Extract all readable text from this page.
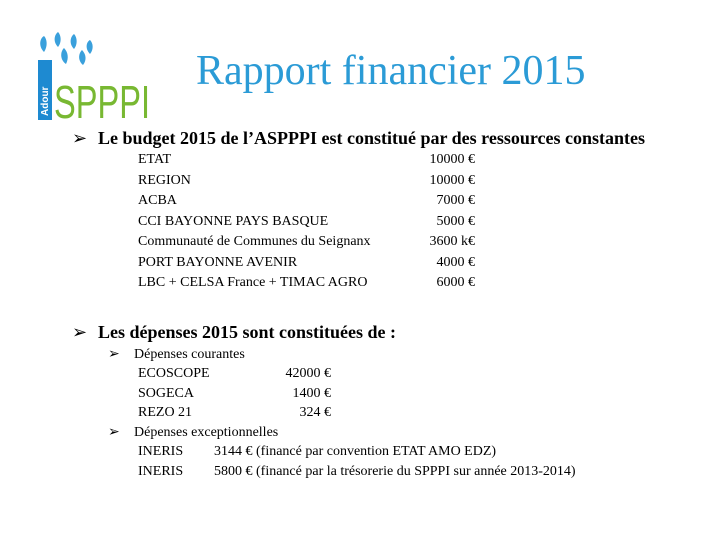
Adour SPPPI
Rapport financier 2015
➢ Le budget 2015 de l’ASPPPI est constitué par des ressources constantes
ETAT	10000 €
REGION	10000 €
ACBA	7000 €
CCI BAYONNE PAYS BASQUE	5000 €
Communauté de Communes du Seignanx	3600 k€
PORT BAYONNE AVENIR	4000 €
LBC + CELSA France + TIMAC AGRO	6000 €
➢ Les dépenses 2015 sont constituées de :
➢ Dépenses courantes
ECOSCOPE	42000 €
SOGECA	1400 €
REZO 21	324 €
➢ Dépenses exceptionnelles
INERIS 3144 € (financé par convention ETAT AMO EDZ)
INERIS 5800 € (financé par la trésorerie du SPPPI sur année 2013-2014)
